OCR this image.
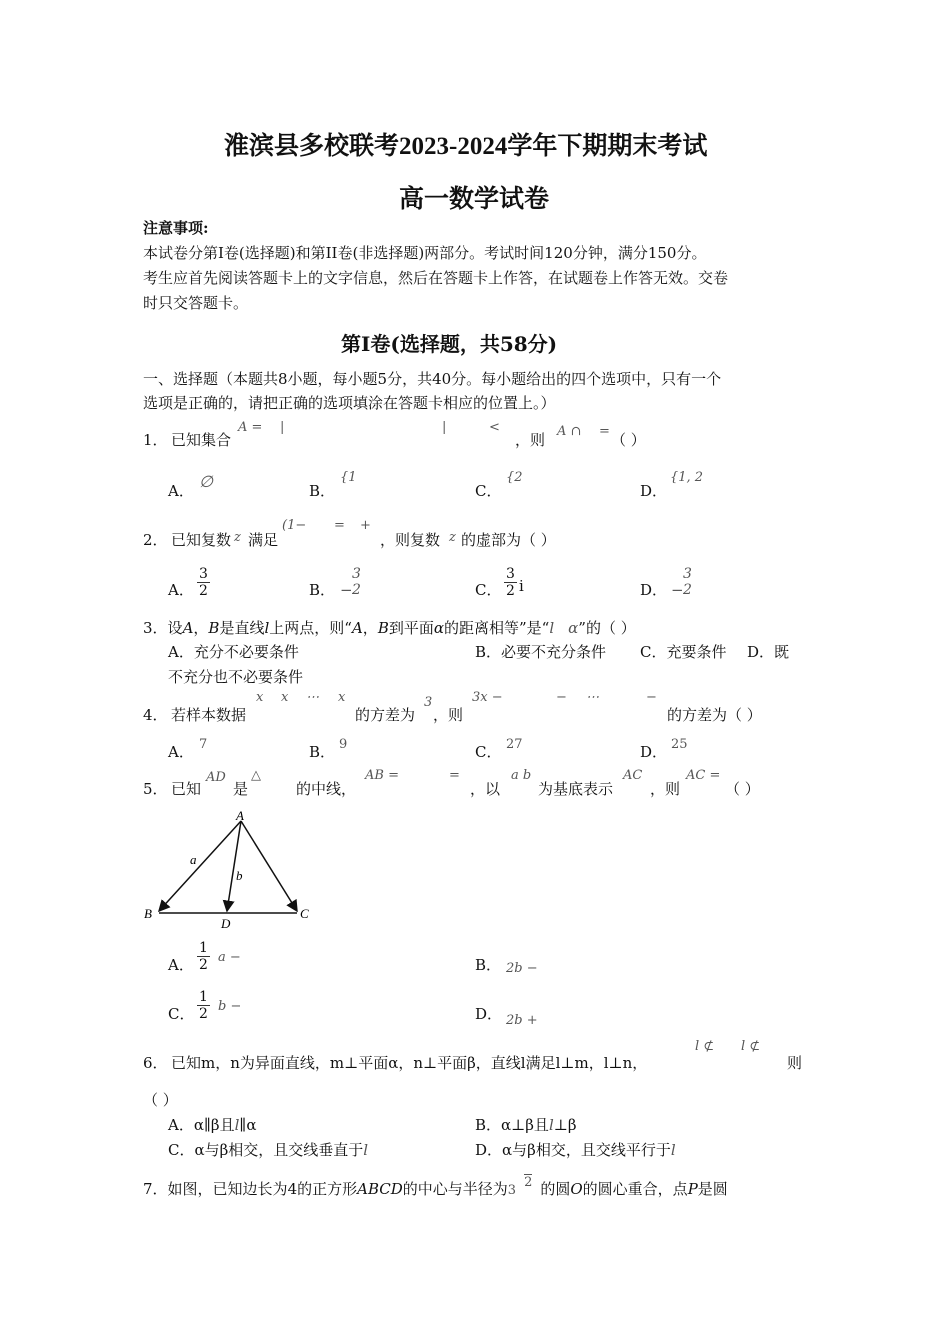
淮滨县多校联考2023-2024学年下期期末考试
高一数学试卷
注意事项:
本试卷分第Ⅰ卷(选择题)和第II卷(非选择题)两部分。考试时间120分钟，满分150分。
考生应首先阅读答题卡上的文字信息，然后在答题卡上作答，在试题卷上作答无效。交卷
时只交答题卡。
第Ⅰ卷(选择题，共58分)
一、选择题（本题共8小题，每小题5分，共40分。每小题给出的四个选项中，只有一个
选项是正确的，请把正确的选项填涂在答题卡相应的位置上。）
1． 已知集合
A = |	|	<
，则 A ∩ = （ ）
A． ∅	B．
{1
C．
{2
D．
{1, 2
2． 已知复数 z 满足
(1− = +
，则复数 z 的虚部为（ ）
A． $\frac{3}{2}$	B． −
3
2	C． $\frac{3}{2}$ i	D． −
3
2
3．设A，B是直线l上两点，则“A，B到平面α的距离相等”是“l α”的（ ）
A．充分不必要条件	B．必要不充分条件 C．充要条件 D．既
不充分也不必要条件
4． 若样本数据
x x ⋯ x
的方差为
3
，则
3x −	− ⋯	−
的方差为（ ）
A． 7	B． 9	C． 27	D． 25
5． 已知
AD
是
△
的中线，
AB =	=
，以
a b
为基底表示
AC
，则
AC =
（ ）
A
B	C
D
a
b
A． $\frac{1}{2}$ a −	B． 2b −
C． $\frac{1}{2}$ b −	D． 2b +
6． 已知m，n为异面直线，m⊥平面α，n⊥平面β，直线l满足l⊥m，l⊥n，
l ⊄ l ⊄
则
（ ）
A．α∥β且l∥α	B．α⊥β且l⊥β
C．α与β相交，且交线垂直于l	D．α与β相交，且交线平行于l
7．如图，已知边长为4的正方形ABCD的中心与半径为32 的圆O的圆心重合，点P是圆
